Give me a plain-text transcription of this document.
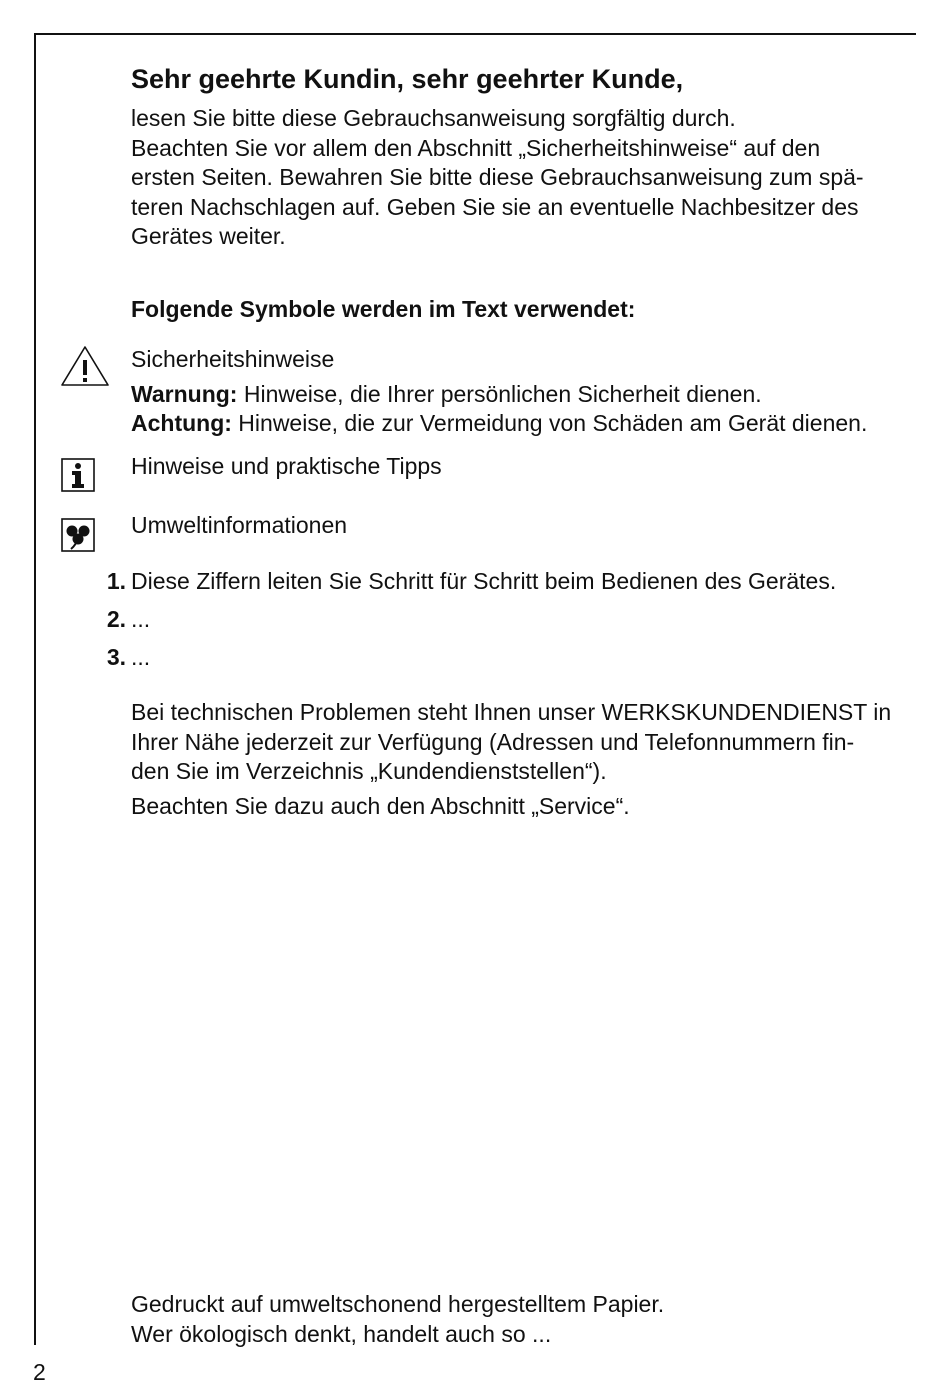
Sehr geehrte Kundin, sehr geehrter Kunde,

lesen Sie bitte diese Gebrauchsanweisung sorgfältig durch.

Beachten Sie vor allem den Abschnitt „Sicherheitshinweise“ auf den

ersten Seiten. Bewahren Sie bitte diese Gebrauchsanweisung zum spä-

teren Nachschlagen auf. Geben Sie sie an eventuelle Nachbesitzer des

Gerätes weiter.

Folgende Symbole werden im Text verwendet:

Sicherheitshinweise

Warnung: Hinweise, die Ihrer persönlichen Sicherheit dienen.

Achtung: Hinweise, die zur Vermeidung von Schäden am Gerät dienen.

Hinweise und praktische Tipps
Umweltinformationen
1. Diese Ziffern leiten Sie Schritt für Schritt beim Bedienen des Gerätes.
2. ...
3. ...

Bei technischen Problemen steht Ihnen unser WERKSKUNDENDIENST in

Ihrer Nähe jederzeit zur Verfügung (Adressen und Telefonnummern fin-

den Sie im Verzeichnis „Kundendienststellen“).

Beachten Sie dazu auch den Abschnitt „Service“.

Gedruckt auf umweltschonend hergestelltem Papier.

Wer ökologisch denkt, handelt auch so ...

2
